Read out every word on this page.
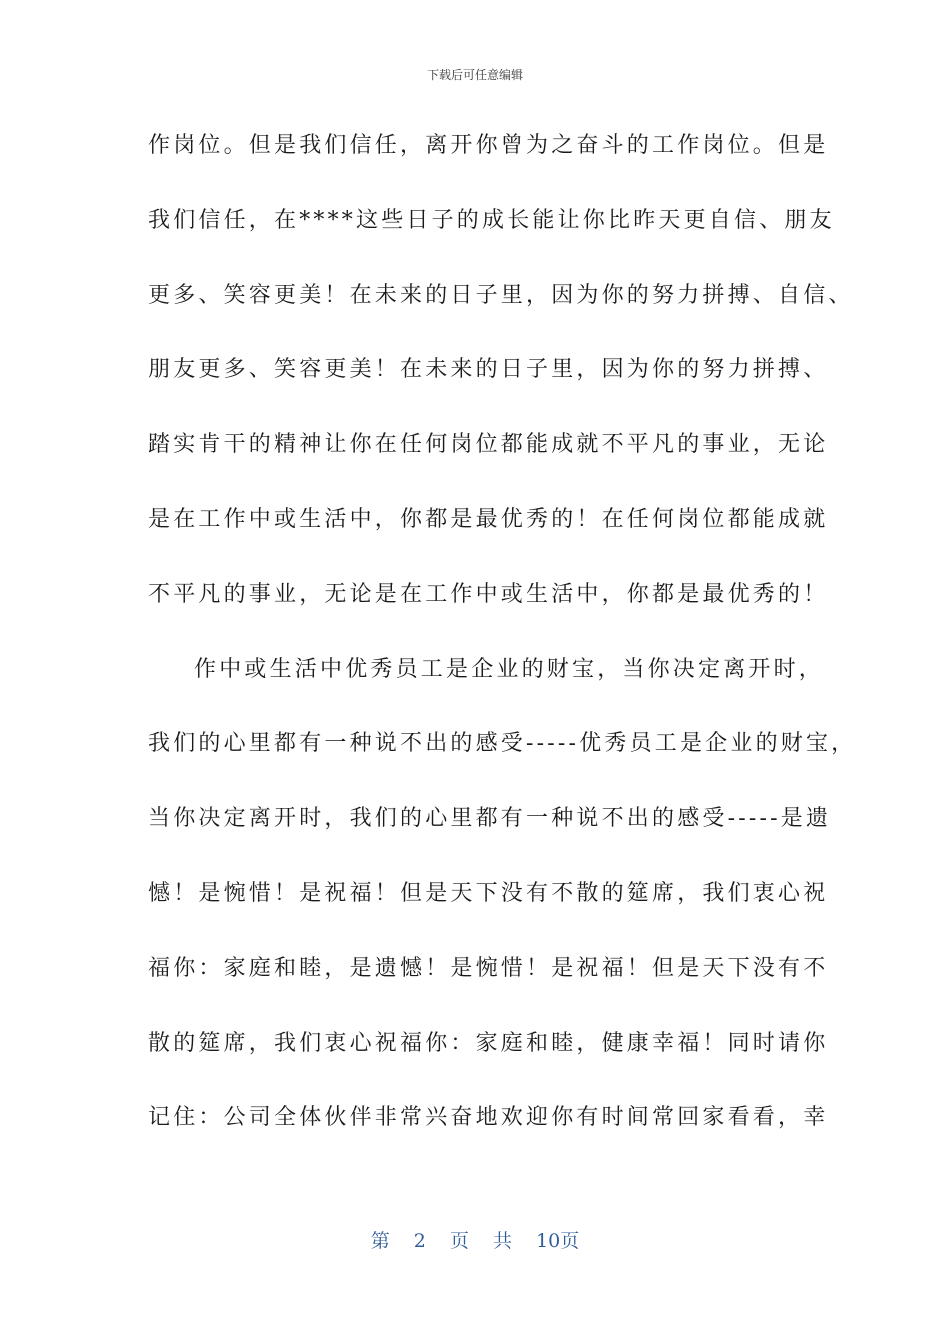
下载后可任意编辑
作岗位。但是我们信任，离开你曾为之奋斗的工作岗位。但是
我们信任，在****这些日子的成长能让你比昨天更自信、朋友
更多、笑容更美！在未来的日子里，因为你的努力拼搏、自信、
朋友更多、笑容更美！在未来的日子里，因为你的努力拼搏、
踏实肯干的精神让你在任何岗位都能成就不平凡的事业，无论
是在工作中或生活中，你都是最优秀的！在任何岗位都能成就
不平凡的事业，无论是在工作中或生活中，你都是最优秀的！
作中或生活中优秀员工是企业的财宝，当你决定离开时，
我们的心里都有一种说不出的感受-----优秀员工是企业的财宝，
当你决定离开时，我们的心里都有一种说不出的感受-----是遗
憾！是惋惜！是祝福！但是天下没有不散的筵席，我们衷心祝
福你：家庭和睦，是遗憾！是惋惜！是祝福！但是天下没有不
散的筵席，我们衷心祝福你：家庭和睦，健康幸福！同时请你
记住：公司全体伙伴非常兴奋地欢迎你有时间常回家看看，幸
第 2 页 共 10页
